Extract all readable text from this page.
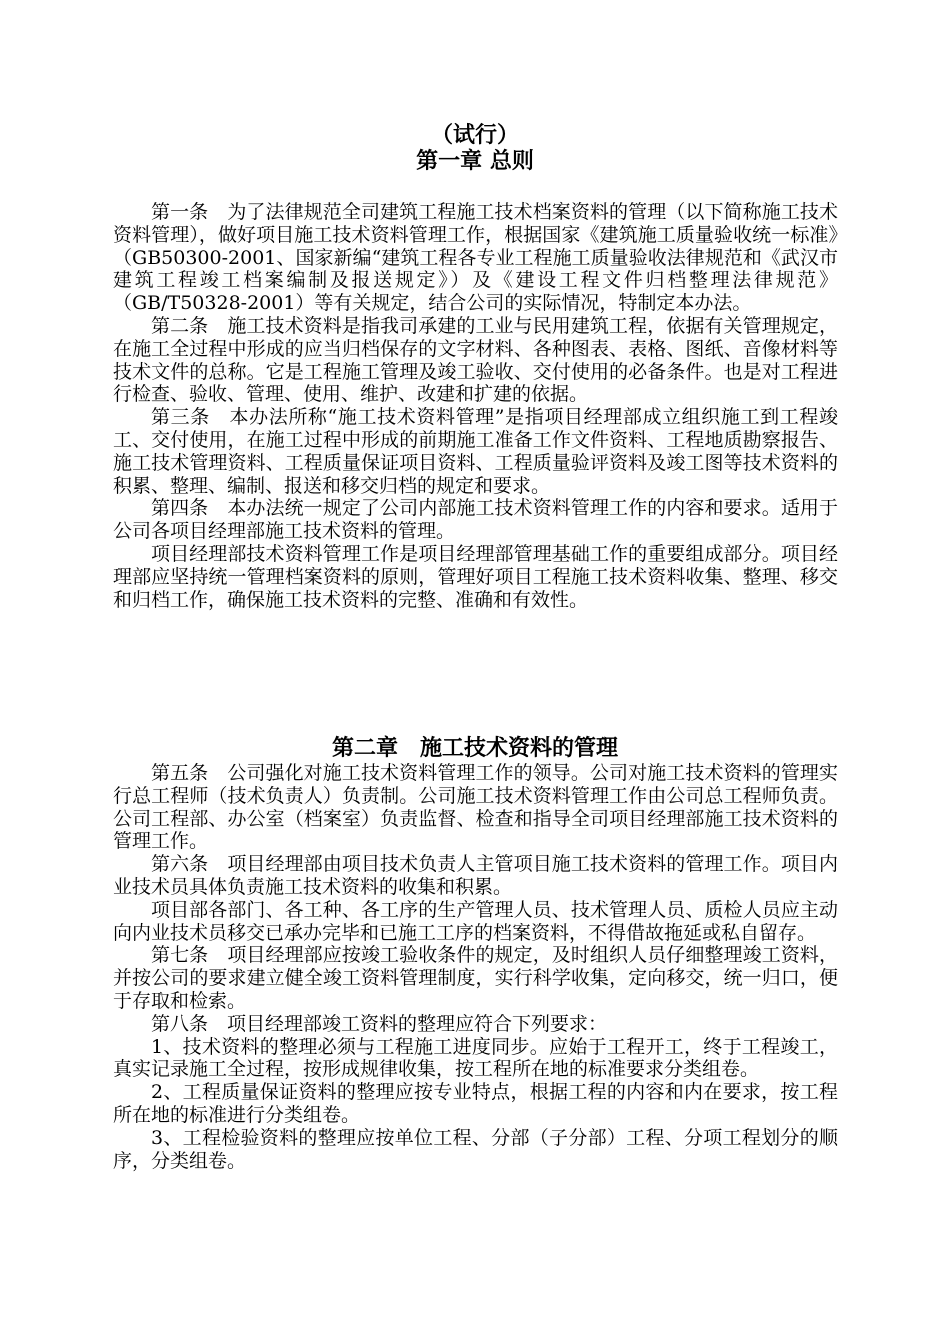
（试行）
第一章 总则

第一条　为了法律规范全司建筑工程施工技术档案资料的管理（以下简称施工技术资料管理），做好项目施工技术资料管理工作，根据国家《建筑施工质量验收统一标准》（GB50300-2001、国家新编“建筑工程各专业工程施工质量验收法律规范和《武汉市建筑工程竣工档案编制及报送规定》）及《建设工程文件归档整理法律规范》（GB/T50328-2001）等有关规定，结合公司的实际情况，特制定本办法。

第二条　施工技术资料是指我司承建的工业与民用建筑工程，依据有关管理规定，在施工全过程中形成的应当归档保存的文字材料、各种图表、表格、图纸、音像材料等技术文件的总称。它是工程施工管理及竣工验收、交付使用的必备条件。也是对工程进行检查、验收、管理、使用、维护、改建和扩建的依据。

第三条　本办法所称“施工技术资料管理”是指项目经理部成立组织施工到工程竣工、交付使用，在施工过程中形成的前期施工准备工作文件资料、工程地质勘察报告、施工技术管理资料、工程质量保证项目资料、工程质量验评资料及竣工图等技术资料的积累、整理、编制、报送和移交归档的规定和要求。

第四条　本办法统一规定了公司内部施工技术资料管理工作的内容和要求。适用于公司各项目经理部施工技术资料的管理。

项目经理部技术资料管理工作是项目经理部管理基础工作的重要组成部分。项目经理部应坚持统一管理档案资料的原则，管理好项目工程施工技术资料收集、整理、移交和归档工作，确保施工技术资料的完整、准确和有效性。

第二章　施工技术资料的管理

第五条　公司强化对施工技术资料管理工作的领导。公司对施工技术资料的管理实行总工程师（技术负责人）负责制。公司施工技术资料管理工作由公司总工程师负责。公司工程部、办公室（档案室）负责监督、检查和指导全司项目经理部施工技术资料的管理工作。

第六条　项目经理部由项目技术负责人主管项目施工技术资料的管理工作。项目内业技术员具体负责施工技术资料的收集和积累。

项目部各部门、各工种、各工序的生产管理人员、技术管理人员、质检人员应主动向内业技术员移交已承办完毕和已施工工序的档案资料，不得借故拖延或私自留存。

第七条　项目经理部应按竣工验收条件的规定，及时组织人员仔细整理竣工资料，并按公司的要求建立健全竣工资料管理制度，实行科学收集，定向移交，统一归口，便于存取和检索。

第八条　项目经理部竣工资料的整理应符合下列要求：

1、技术资料的整理必须与工程施工进度同步。应始于工程开工，终于工程竣工，真实记录施工全过程，按形成规律收集，按工程所在地的标准要求分类组卷。

2、工程质量保证资料的整理应按专业特点，根据工程的内容和内在要求，按工程所在地的标准进行分类组卷。

3、工程检验资料的整理应按单位工程、分部（子分部）工程、分项工程划分的顺序，分类组卷。
